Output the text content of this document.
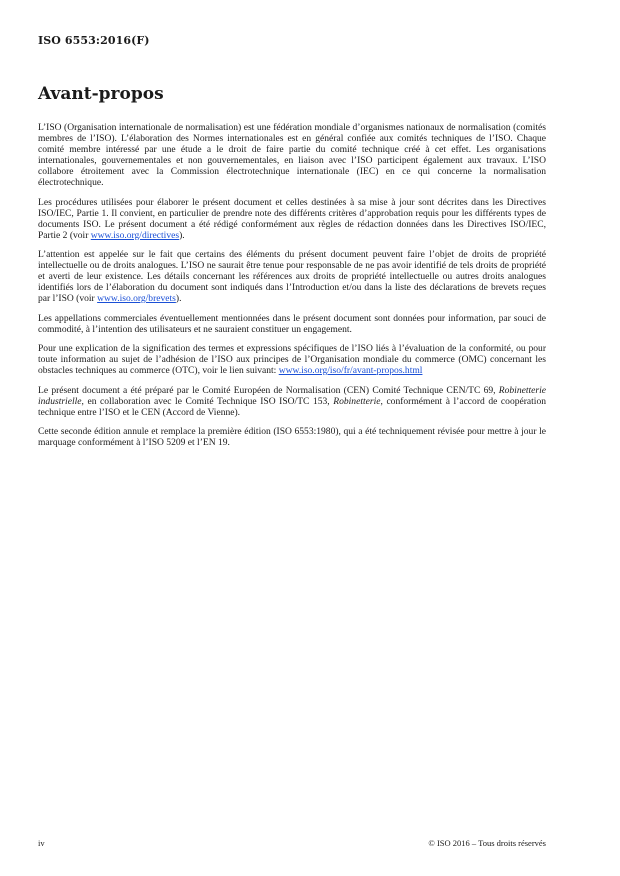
ISO 6553:2016(F)
Avant-propos

L’ISO (Organisation internationale de normalisation) est une fédération mondiale d’organismes nationaux de normalisation (comités membres de l’ISO). L’élaboration des Normes internationales est en général confiée aux comités techniques de l’ISO. Chaque comité membre intéressé par une étude a le droit de faire partie du comité technique créé à cet effet. Les organisations internationales, gouvernementales et non gouvernementales, en liaison avec l’ISO participent également aux travaux. L’ISO collabore étroitement avec la Commission électrotechnique internationale (IEC) en ce qui concerne la normalisation électrotechnique.

Les procédures utilisées pour élaborer le présent document et celles destinées à sa mise à jour sont décrites dans les Directives ISO/IEC, Partie 1. Il convient, en particulier de prendre note des différents critères d’approbation requis pour les différents types de documents ISO. Le présent document a été rédigé conformément aux règles de rédaction données dans les Directives ISO/IEC, Partie 2 (voir www.iso.org/directives).

L’attention est appelée sur le fait que certains des éléments du présent document peuvent faire l’objet de droits de propriété intellectuelle ou de droits analogues. L’ISO ne saurait être tenue pour responsable de ne pas avoir identifié de tels droits de propriété et averti de leur existence. Les détails concernant les références aux droits de propriété intellectuelle ou autres droits analogues identifiés lors de l’élaboration du document sont indiqués dans l’Introduction et/ou dans la liste des déclarations de brevets reçues par l’ISO (voir www.iso.org/brevets).

Les appellations commerciales éventuellement mentionnées dans le présent document sont données pour information, par souci de commodité, à l’intention des utilisateurs et ne sauraient constituer un engagement.

Pour une explication de la signification des termes et expressions spécifiques de l’ISO liés à l’évaluation de la conformité, ou pour toute information au sujet de l’adhésion de l’ISO aux principes de l’Organisation mondiale du commerce (OMC) concernant les obstacles techniques au commerce (OTC), voir le lien suivant: www.iso.org/iso/fr/avant-propos.html

Le présent document a été préparé par le Comité Européen de Normalisation (CEN) Comité Technique CEN/TC 69, Robinetterie industrielle, en collaboration avec le Comité Technique ISO ISO/TC 153, Robinetterie, conformément à l’accord de coopération technique entre l’ISO et le CEN (Accord de Vienne).

Cette seconde édition annule et remplace la première édition (ISO 6553:1980), qui a été techniquement révisée pour mettre à jour le marquage conformément à l’ISO 5209 et l’EN 19.

iv	© ISO 2016 – Tous droits réservés
